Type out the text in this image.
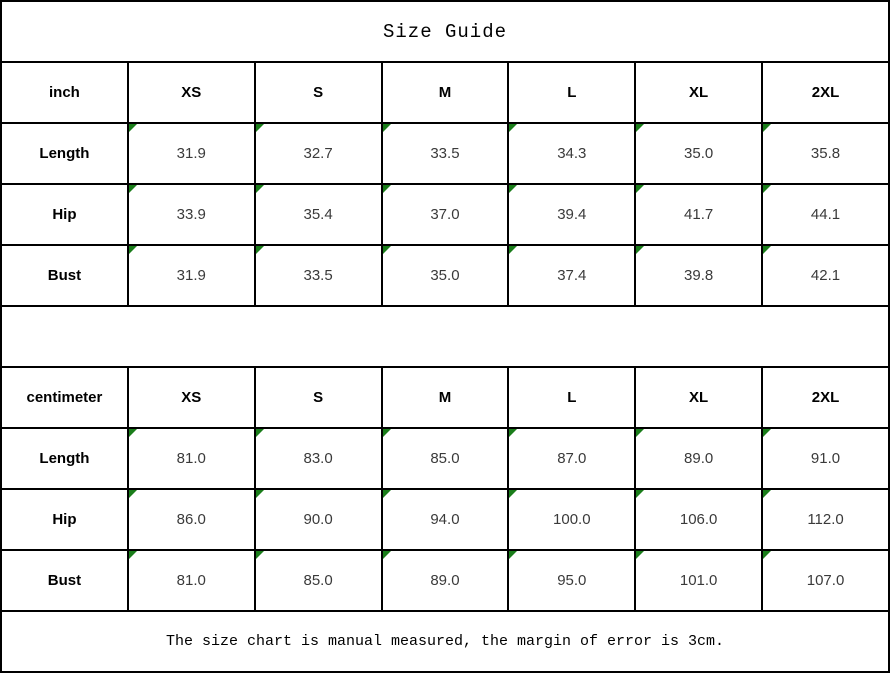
Size Guide						
inch	XS	S	M	L	XL	2XL
Length	31.9	32.7	33.5	34.3	35.0	35.8
Hip	33.9	35.4	37.0	39.4	41.7	44.1
Bust	31.9	33.5	35.0	37.4	39.8	42.1

centimeter	XS	S	M	L	XL	2XL
Length	81.0	83.0	85.0	87.0	89.0	91.0
Hip	86.0	90.0	94.0	100.0	106.0	112.0
Bust	81.0	85.0	89.0	95.0	101.0	107.0
The size chart is manual measured, the margin of error is 3cm.						
